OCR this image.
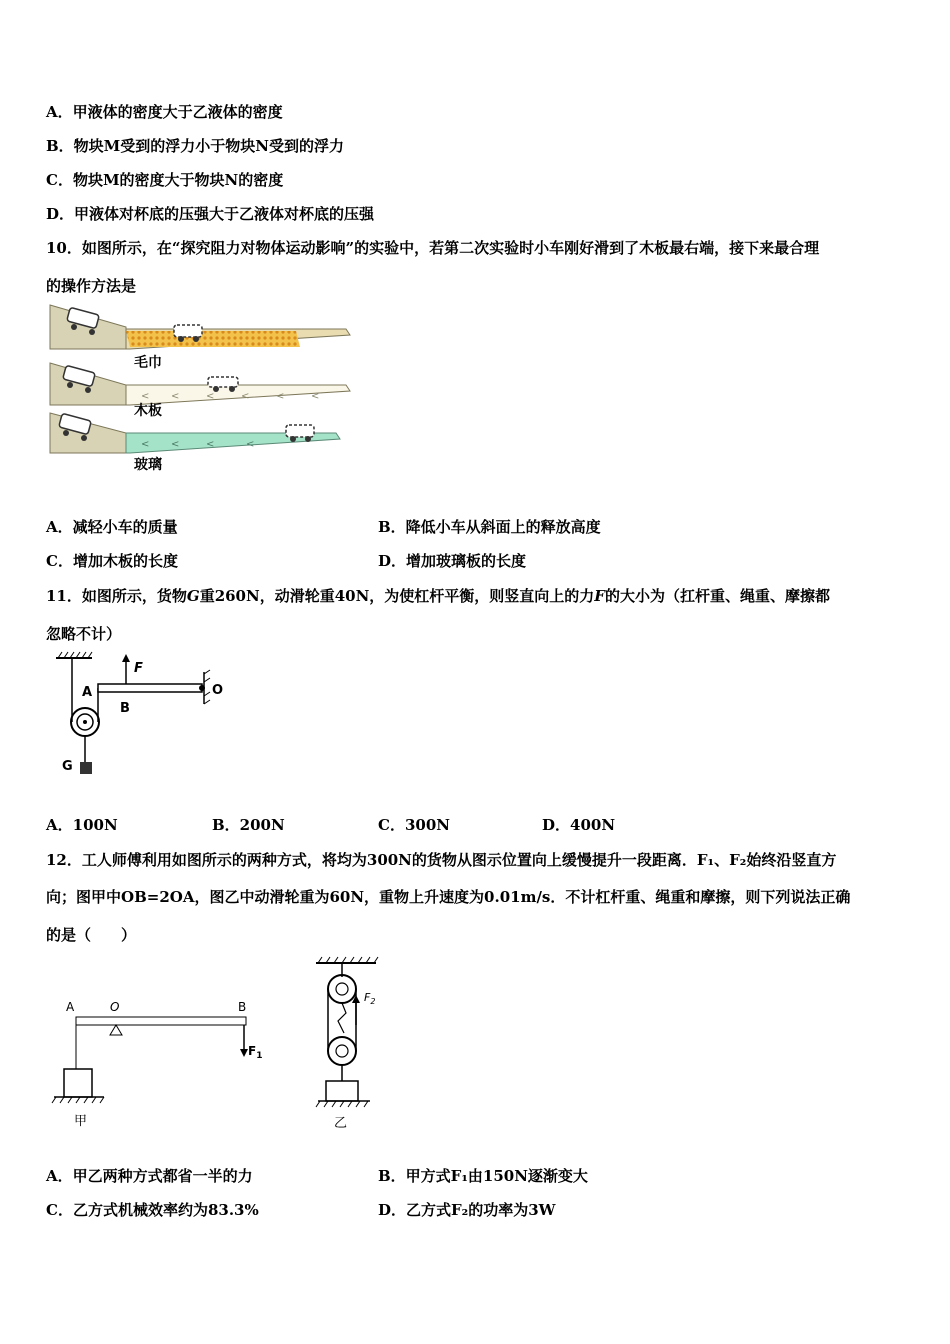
A．甲液体的密度大于乙液体的密度
B．物块M受到的浮力小于物块N受到的浮力
C．物块M的密度大于物块N的密度
D．甲液体对杯底的压强大于乙液体对杯底的压强
10．如图所示，在“探究阻力对物体运动影响”的实验中，若第二次实验时小车刚好滑到了木板最右端，接下来最合理
的操作方法是
毛巾
< <	<	<	<	<
木板
< <	<	<
玻璃
A．减轻小车的质量	B．降低小车从斜面上的释放高度
C．增加木板的长度	D．增加玻璃板的长度
11．如图所示，货物G重260N，动滑轮重40N，为使杠杆平衡，则竖直向上的力F的大小为（扛杆重、绳重、摩擦都
忽略不计）
F
A
B
O
G
A．100N	B．200N	C．300N	D．400N
12．工人师傅利用如图所示的两种方式，将均为300N的货物从图示位置向上缓慢提升一段距离．F₁、F₂始终沿竖直方
向；图甲中OB=2OA，图乙中动滑轮重为60N，重物上升速度为0.01m/s．不计杠杆重、绳重和摩擦，则下列说法正确
的是（　　）
A	O	B
$F_1$
甲
$F_2$
乙
A．甲乙两种方式都省一半的力	B．甲方式F₁由150N逐渐变大
C．乙方式机械效率约为83.3%	D．乙方式F₂的功率为3W
